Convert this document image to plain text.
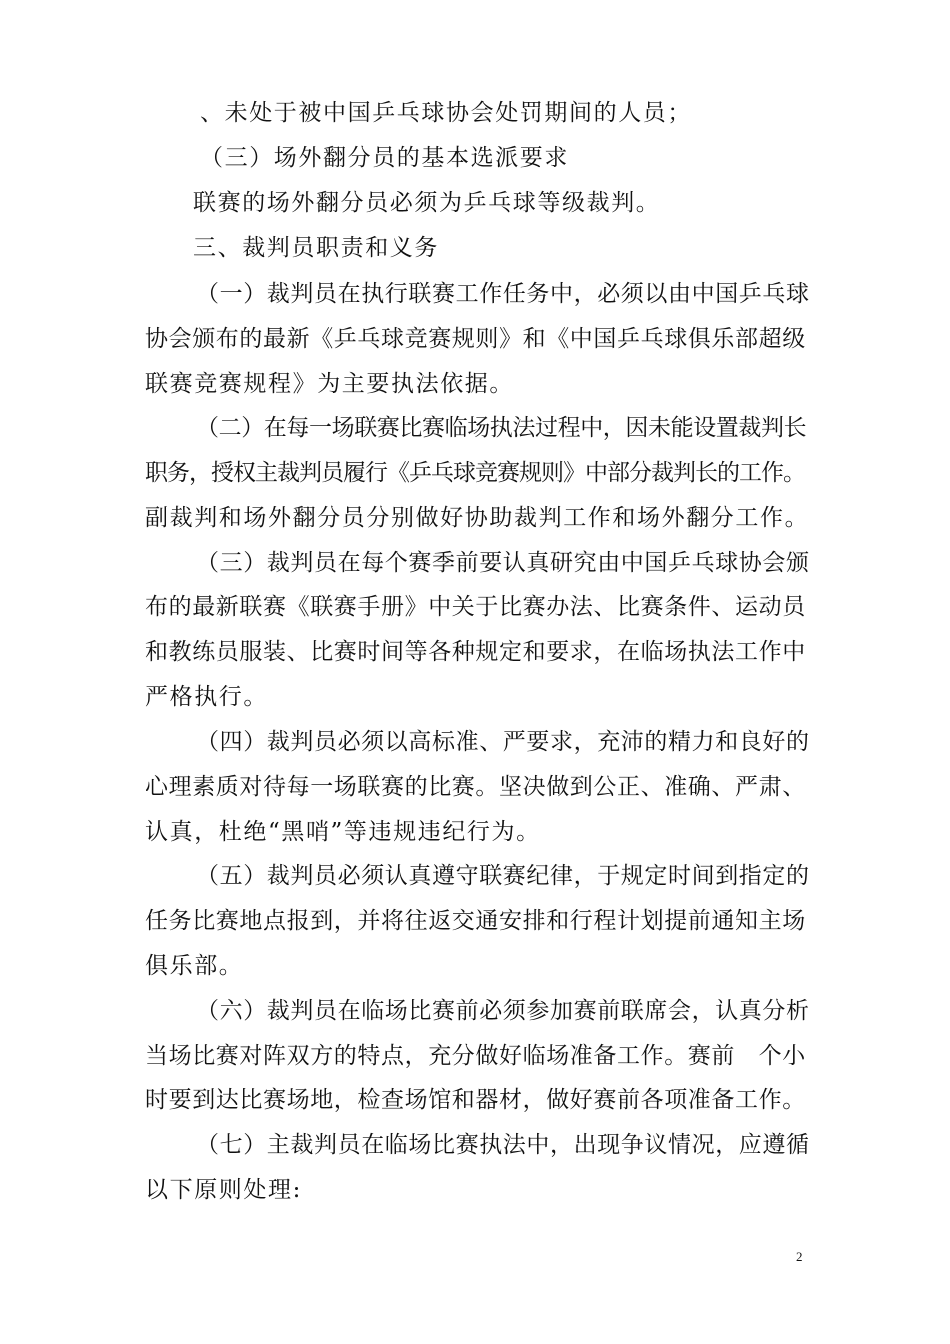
、未处于被中国乒乓球协会处罚期间的人员；
（三）场外翻分员的基本选派要求
联赛的场外翻分员必须为乒乓球等级裁判。
三、裁判员职责和义务
（一）裁判员在执行联赛工作任务中，必须以由中国乒乓球
协会颁布的最新《乒乓球竞赛规则》和《中国乒乓球俱乐部超级
联赛竞赛规程》为主要执法依据。
（二）在每一场联赛比赛临场执法过程中，因未能设置裁判长
职务，授权主裁判员履行《乒乓球竞赛规则》中部分裁判长的工作。
副裁判和场外翻分员分别做好协助裁判工作和场外翻分工作。
（三）裁判员在每个赛季前要认真研究由中国乒乓球协会颁
布的最新联赛《联赛手册》中关于比赛办法、比赛条件、运动员
和教练员服装、比赛时间等各种规定和要求，在临场执法工作中
严格执行。
（四）裁判员必须以高标准、严要求，充沛的精力和良好的
心理素质对待每一场联赛的比赛。坚决做到公正、准确、严肃、
认真，杜绝“黑哨”等违规违纪行为。
（五）裁判员必须认真遵守联赛纪律，于规定时间到指定的
任务比赛地点报到，并将往返交通安排和行程计划提前通知主场
俱乐部。
（六）裁判员在临场比赛前必须参加赛前联席会，认真分析
当场比赛对阵双方的特点，充分做好临场准备工作。赛前　个小
时要到达比赛场地，检查场馆和器材，做好赛前各项准备工作。
（七）主裁判员在临场比赛执法中，出现争议情况，应遵循
以下原则处理:
2
